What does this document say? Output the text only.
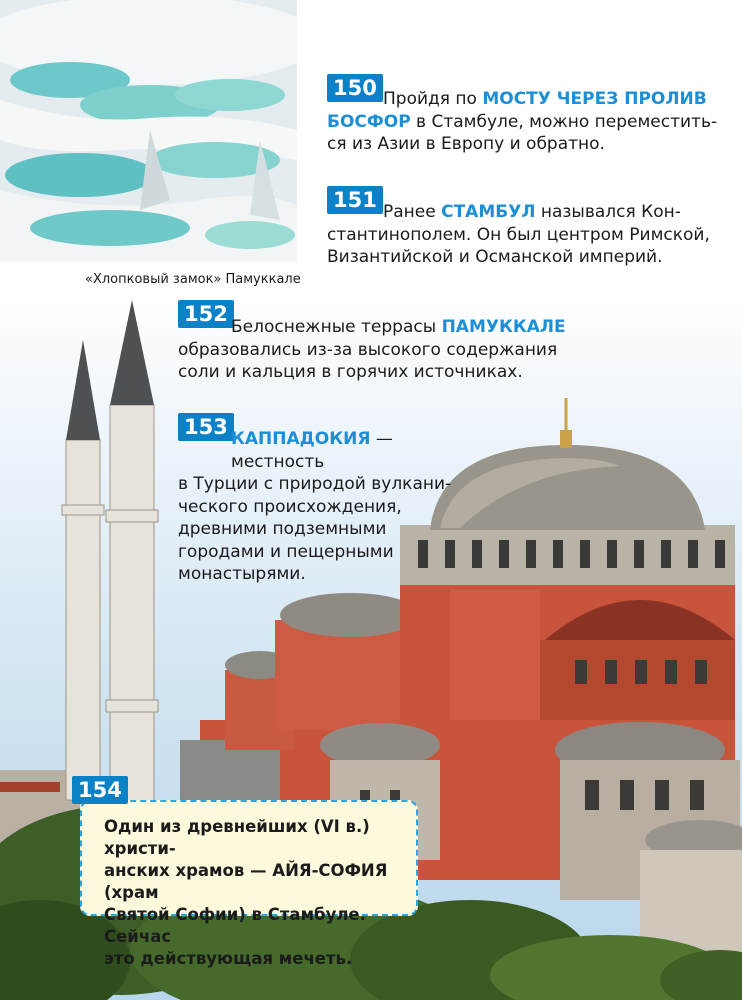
«Хлопковый замок» Памуккале
150 Пройдя по МОСТУ ЧЕРЕЗ ПРОЛИВ
БОСФОР в Стамбуле, можно переместить-
ся из Азии в Европу и обратно.
151 Ранее СТАМБУЛ назывался Кон-
стантинополем. Он был центром Римской,
Византийской и Османской империй.
152
Белоснежные террасы ПАМУККАЛЕ
образовались из-за высокого содержания
соли и кальция в горячих источниках.
153 КАППАДОКИЯ — местность
в Турции с природой вулкани-
ческого происхождения,
древними подземными
городами и пещерными
монастырями.
Один из древнейших (VI в.) христи-
анских храмов — АЙЯ-СОФИЯ (храм
Святой Софии) в Стамбуле. Сейчас
это действующая мечеть.
154
